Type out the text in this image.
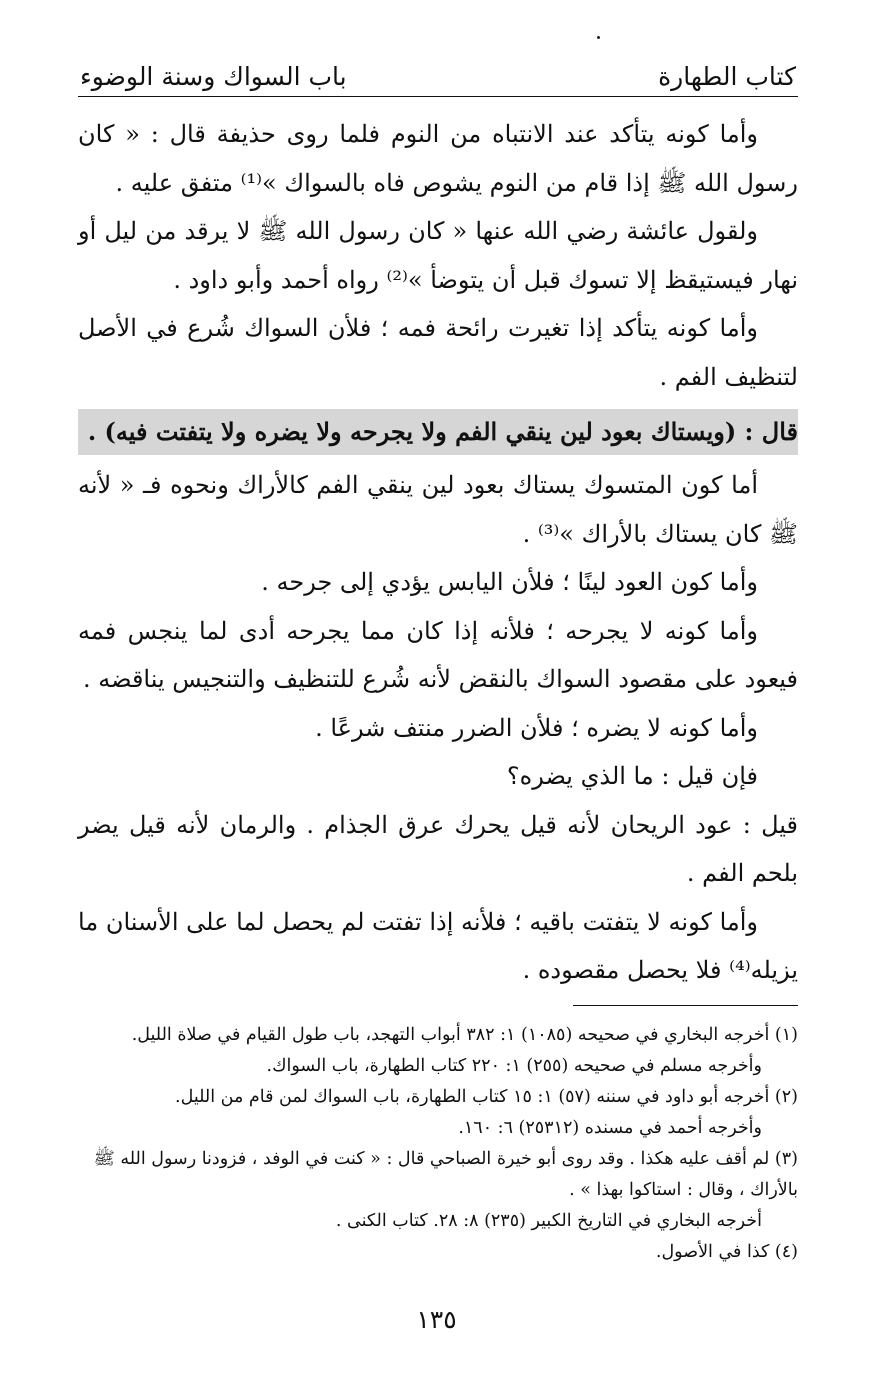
كتاب الطهارة
باب السواك وسنة الوضوء

وأما كونه يتأكد عند الانتباه من النوم فلما روى حذيفة قال : « كان رسول الله ﷺ إذا قام من النوم يشوص فاه بالسواك »⁽¹⁾ متفق عليه .

ولقول عائشة رضي الله عنها « كان رسول الله ﷺ لا يرقد من ليل أو نهار فيستيقظ إلا تسوك قبل أن يتوضأ »⁽²⁾ رواه أحمد وأبو داود .

وأما كونه يتأكد إذا تغيرت رائحة فمه ؛ فلأن السواك شُرع في الأصل لتنظيف الفم .

قال : (ويستاك بعود لين ينقي الفم ولا يجرحه ولا يضره ولا يتفتت فيه) .

أما كون المتسوك يستاك بعود لين ينقي الفم كالأراك ونحوه فـ « لأنه ﷺ كان يستاك بالأراك »⁽³⁾ .

وأما كون العود لينًا ؛ فلأن اليابس يؤدي إلى جرحه .

وأما كونه لا يجرحه ؛ فلأنه إذا كان مما يجرحه أدى لما ينجس فمه فيعود على مقصود السواك بالنقض لأنه شُرع للتنظيف والتنجيس يناقضه .

وأما كونه لا يضره ؛ فلأن الضرر منتف شرعًا .

فإن قيل : ما الذي يضره؟

قيل : عود الريحان لأنه قيل يحرك عرق الجذام . والرمان لأنه قيل يضر بلحم الفم .

وأما كونه لا يتفتت باقيه ؛ فلأنه إذا تفتت لم يحصل لما على الأسنان ما يزيله⁽⁴⁾ فلا يحصل مقصوده .

(١) أخرجه البخاري في صحيحه (١٠٨٥) ١: ٣٨٢ أبواب التهجد، باب طول القيام في صلاة الليل.

وأخرجه مسلم في صحيحه (٢٥٥) ١: ٢٢٠ كتاب الطهارة، باب السواك.

(٢) أخرجه أبو داود في سننه (٥٧) ١: ١٥ كتاب الطهارة، باب السواك لمن قام من الليل.

وأخرجه أحمد في مسنده (٢٥٣١٢) ٦: ١٦٠.

(٣) لم أقف عليه هكذا . وقد روى أبو خيرة الصباحي قال : « كنت في الوفد ، فزودنا رسول الله ﷺ بالأراك ، وقال : استاكوا بهذا » .

أخرجه البخاري في التاريخ الكبير (٢٣٥) ٨: ٢٨. كتاب الكنى .

(٤) كذا في الأصول.

١٣٥
